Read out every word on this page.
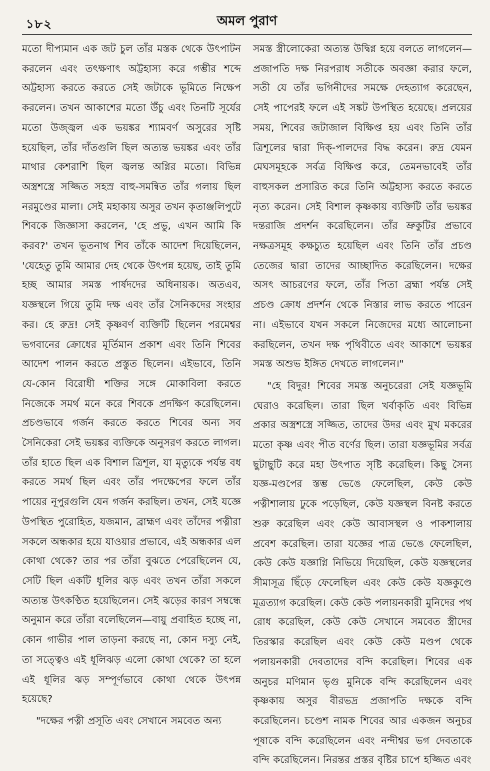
১৮২	অমল পুরাণ

মতো দীপ্যমান এক জট চুল তাঁর মস্তক থেকে উৎপাটন করলেন এবং তৎক্ষণাৎ অট্টহাস্য করে গম্ভীর শব্দে অট্টহাস্য করতে করতে সেই জটাকে ভূমিতে নিক্ষেপ করলেন। তখন আকাশের মতো উঁচু এবং তিনটি সূর্যের মতো উজ্জ্বল এক ভয়ঙ্কর শ্যামবর্ণ অসুরের সৃষ্টি হয়েছিল, তাঁর দাঁতগুলি ছিল অত্যন্ত ভয়ঙ্কর এবং তাঁর মাথার কেশরাশি ছিল জ্বলন্ত অগ্নির মতো। বিভিন্ন অস্ত্রশস্ত্রে সজ্জিত সহস্র বাহু-সমন্বিত তাঁর গলায় ছিল নরমুণ্ডের মালা। সেই মহাকায় অসুর তখন কৃতাঞ্জলিপুটে শিবকে জিজ্ঞাসা করলেন, 'হে প্রভু, এখন আমি কি করব?' তখন ভূতনাথ শিব তাঁকে আদেশ দিয়েছিলেন, 'যেহেতু তুমি আমার দেহ থেকে উৎপন্ন হয়েছ, তাই তুমি হচ্ছ আমার সমস্ত পার্ষদদের অধিনায়ক। অতএব, যজ্ঞস্থলে গিয়ে তুমি দক্ষ এবং তাঁর সৈনিকদের সংহার কর। হে রুদ্র! সেই কৃষ্ণবর্ণ ব্যক্তিটি ছিলেন পরমেশ্বর ভগবানের ক্রোধের মূর্তিমান প্রকাশ এবং তিনি শিবের আদেশ পালন করতে প্রস্তুত ছিলেন। এইভাবে, তিনি যে-কোন বিরোধী শক্তির সঙ্গে মোকাবিলা করতে নিজেকে সমর্থ মনে করে শিবকে প্রদক্ষিণ করেছিলেন। প্রচণ্ডভাবে গর্জন করতে করতে শিবের অন্য সব সৈনিকেরা সেই ভয়ঙ্কর ব্যক্তিকে অনুসরণ করতে লাগল। তাঁর হাতে ছিল এক বিশাল ত্রিশূল, যা মৃত্যুকে পর্যন্ত বধ করতে সমর্থ ছিল এবং তাঁর পদক্ষেপের ফলে তাঁর পায়ের নূপুরগুলি যেন গর্জন করছিল। তখন, সেই যজ্ঞে উপস্থিত পুরোহিত, যজমান, ব্রাহ্মণ এবং তাঁদের পত্নীরা সকলে অন্ধকার হয়ে যাওয়ার প্রভাবে, এই অন্ধকার এল কোথা থেকে? তার পর তাঁরা বুঝতে পেরেছিলেন যে, সেটি ছিল একটি ধূলির ঝড় এবং তখন তাঁরা সকলে অত্যন্ত উৎকণ্ঠিত হয়েছিলেন। সেই ঝড়ের কারণ সম্বন্ধে অনুমান করে তাঁরা বলেছিলেন—বায়ু প্রবাহিত হচ্ছে না, কোন গাভীর পাল তাড়না করছে না, কোন দস্যু নেই, তা সত্ত্বেও এই ধূলিঝড় এলো কোথা থেকে? তা হলে এই ধূলির ঝড় সম্পূর্ণভাবে কোথা থেকে উৎপন্ন হয়েছে?

"দক্ষের পত্নী প্রসূতি এবং সেখানে সমবেত অন্য

সমস্ত স্ত্রীলোকেরা অত্যন্ত উদ্বিগ্ন হয়ে বলতে লাগলেন—প্রজাপতি দক্ষ নিরপরাধ সতীকে অবজ্ঞা করার ফলে, সতী যে তাঁর ভগিনীদের সমক্ষে দেহত্যাগ করেছেন, সেই পাপেরই ফলে এই সঙ্কট উপস্থিত হয়েছে। প্রলয়ের সময়, শিবের জটাজাল বিক্ষিপ্ত হয় এবং তিনি তাঁর ত্রিশূলের দ্বারা দিক্‌-পালদের বিদ্ধ করেন। রুদ্র যেমন মেঘসমূহকে সর্বত্র বিক্ষিপ্ত করে, তেমনভাবেই তাঁর বাহুসকল প্রসারিত করে তিনি অট্টহাস্য করতে করতে নৃত্য করেন। সেই বিশাল কৃষ্ণকায় ব্যক্তিটি তাঁর ভয়ঙ্কর দন্তরাজি প্রদর্শন করেছিলেন। তাঁর ভ্রুকুটির প্রভাবে নক্ষত্রসমূহ কক্ষচ্যুত হয়েছিল এবং তিনি তাঁর প্রচণ্ড তেজের দ্বারা তাদের আচ্ছাদিত করেছিলেন। দক্ষের অসৎ আচরণের ফলে, তাঁর পিতা ব্রহ্মা পর্যন্ত সেই প্রচণ্ড ক্রোধ প্রদর্শন থেকে নিস্তার লাভ করতে পারেন না। এইভাবে যখন সকলে নিজেদের মধ্যে আলোচনা করছিলেন, তখন দক্ষ পৃথিবীতে এবং আকাশে ভয়ঙ্কর সমস্ত অশুভ ইঙ্গিত দেখতে লাগলেন।"

"হে বিদুর! শিবের সমস্ত অনুচরেরা সেই যজ্ঞভূমি ঘেরাও করেছিল। তারা ছিল খর্বাকৃতি এবং বিভিন্ন প্রকার অস্ত্রশস্ত্রে সজ্জিত, তাদের উদর এবং মুখ মকরের মতো কৃষ্ণ এবং পীত বর্ণের ছিল। তারা যজ্ঞভূমির সর্বত্র ছুটাছুটি করে মহা উৎপাত সৃষ্টি করেছিল। কিছু সৈন্য যজ্ঞ-মণ্ডপের স্তম্ভ ভেঙে ফেলেছিল, কেউ কেউ পত্নীশালায় ঢুকে পড়েছিল, কেউ যজ্ঞস্থল বিনষ্ট করতে শুরু করেছিল এবং কেউ আবাসস্থল ও পাকশালায় প্রবেশ করেছিল। তারা যজ্ঞের পাত্র ভেঙে ফেলেছিল, কেউ কেউ যজ্ঞাগ্নি নিভিয়ে দিয়েছিল, কেউ যজ্ঞস্থলের সীমাসূত্র ছিঁড়ে ফেলেছিল এবং কেউ কেউ যজ্ঞকুণ্ডে মূত্রত্যাগ করেছিল। কেউ কেউ পলায়নকারী মুনিদের পথ রোধ করেছিল, কেউ কেউ সেখানে সমবেত স্ত্রীদের তিরস্কার করেছিল এবং কেউ কেউ মণ্ডপ থেকে পলায়নকারী দেবতাদের বন্দি করেছিল। শিবের এক অনুচর মণিমান ভৃগু মুনিকে বন্দি করেছিলেন এবং কৃষ্ণকায় অসুর বীরভদ্র প্রজাপতি দক্ষকে বন্দি করেছিলেন। চণ্ডেশ নামক শিবের আর একজন অনুচর পূষাকে বন্দি করেছিলেন এবং নন্দীশ্বর ভগ দেবতাকে বন্দি করেছিলেন। নিরন্তর প্রস্তর বৃষ্টির চাপে হজ্জিত এবং
